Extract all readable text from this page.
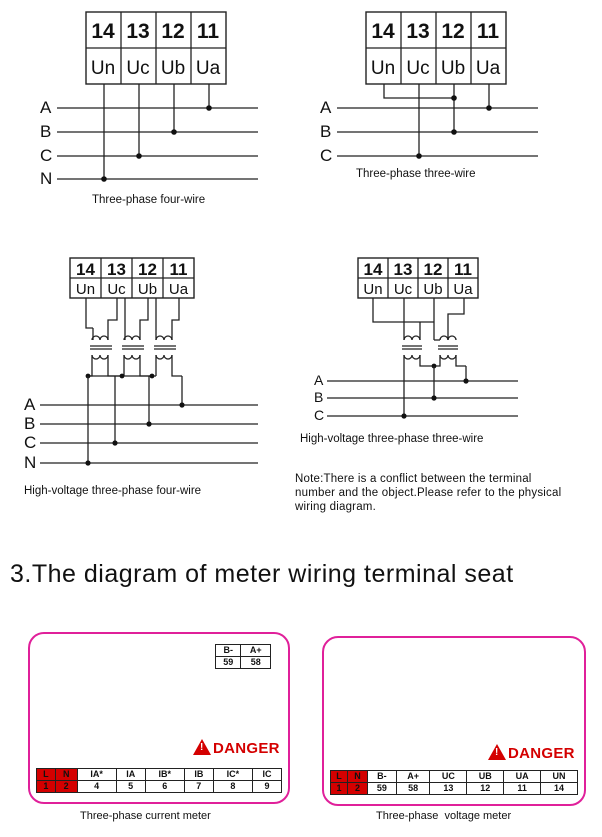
14 13 12 11
Un Uc Ub Ua
A
B
C
N
Three-phase four-wire
14 13 12 11
Un Uc Ub Ua
A
B
C
Three-phase three-wire
14 13 12 11
Un Uc Ub Ua
A
B
C
N
High-voltage three-phase four-wire
14 13 12 11
Un Uc Ub Ua
A
B
C
High-voltage three-phase three-wire
Note:There is a conflict between the terminal number and the object.Please refer to the physical wiring diagram.
3.The diagram of meter wiring terminal seat
B-	A+
59	58
!DANGER
L	N	IA*	IA	IB*	IB	IC*	IC
1	2	4	5	6	7	8	9
Three-phase current meter
!DANGER
L	N	B-	A+	UC	UB	UA	UN
1	2	59	58	13	12	11	14
Three-phase  voltage meter
